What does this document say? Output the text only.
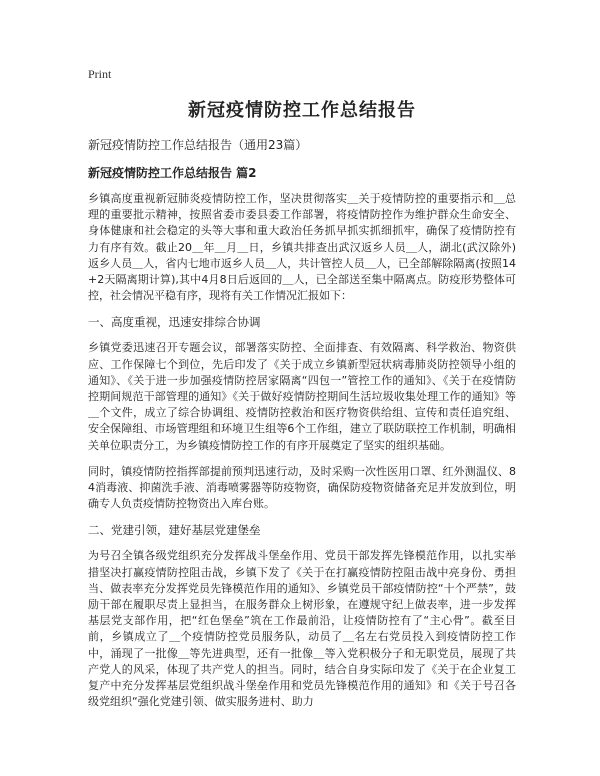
Print
新冠疫情防控工作总结报告
新冠疫情防控工作总结报告（通用23篇）
新冠疫情防控工作总结报告 篇2

乡镇高度重视新冠肺炎疫情防控工作，坚决贯彻落实＿关于疫情防控的重要指示和＿总理的重要批示精神，按照省委市委县委工作部署，将疫情防控作为维护群众生命安全、身体健康和社会稳定的头等大事和重大政治任务抓早抓实抓细抓牢，确保了疫情防控有力有序有效。截止20＿年＿月＿日，乡镇共排查出武汉返乡人员＿人，湖北(武汉除外)返乡人员＿人，省内七地市返乡人员＿人，共计管控人员＿人，已全部解除隔离(按照14+2天隔离期计算),其中4月8日后返回的＿人，已全部送至集中隔离点。防疫形势整体可控，社会情况平稳有序，现将有关工作情况汇报如下：

一、高度重视，迅速安排综合协调

乡镇党委迅速召开专题会议，部署落实防控、全面排查、有效隔离、科学救治、物资供应、工作保障七个到位，先后印发了《关于成立乡镇新型冠状病毒肺炎防控领导小组的通知》、《关于进一步加强疫情防控居家隔离“四包一”管控工作的通知》、《关于在疫情防控期间规范干部管理的通知》《关于做好疫情防控期间生活垃圾收集处理工作的通知》等＿个文件，成立了综合协调组、疫情防控救治和医疗物资供给组、宣传和责任追究组、安全保障组、市场管理组和环境卫生组等6个工作组，建立了联防联控工作机制，明确相关单位职责分工，为乡镇疫情防控工作的有序开展奠定了坚实的组织基础。

同时，镇疫情防控指挥部提前预判迅速行动，及时采购一次性医用口罩、红外测温仪、84消毒液、抑菌洗手液、消毒喷雾器等防疫物资，确保防疫物资储备充足并发放到位，明确专人负责疫情防控物资出入库台账。

二、党建引领，建好基层党建堡垒

为号召全镇各级党组织充分发挥战斗堡垒作用、党员干部发挥先锋模范作用，以扎实举措坚决打赢疫情防控阻击战，乡镇下发了《关于在打赢疫情防控阻击战中亮身份、勇担当、做表率充分发挥党员先锋模范作用的通知》、乡镇党员干部疫情防控“十个严禁”，鼓励干部在履职尽责上显担当，在服务群众上树形象，在遵规守纪上做表率，进一步发挥基层党支部作用，把“红色堡垒”筑在工作最前沿，让疫情防控有了“主心骨”。截至目前，乡镇成立了＿个疫情防控党员服务队，动员了＿名左右党员投入到疫情防控工作中，涌现了一批像＿等先进典型，还有一批像＿等入党积极分子和无职党员，展现了共产党人的风采，体现了共产党人的担当。同时，结合自身实际印发了《关于在企业复工复产中充分发挥基层党组织战斗堡垒作用和党员先锋模范作用的通知》和《关于号召各级党组织“强化党建引领、做实服务进村、助力
